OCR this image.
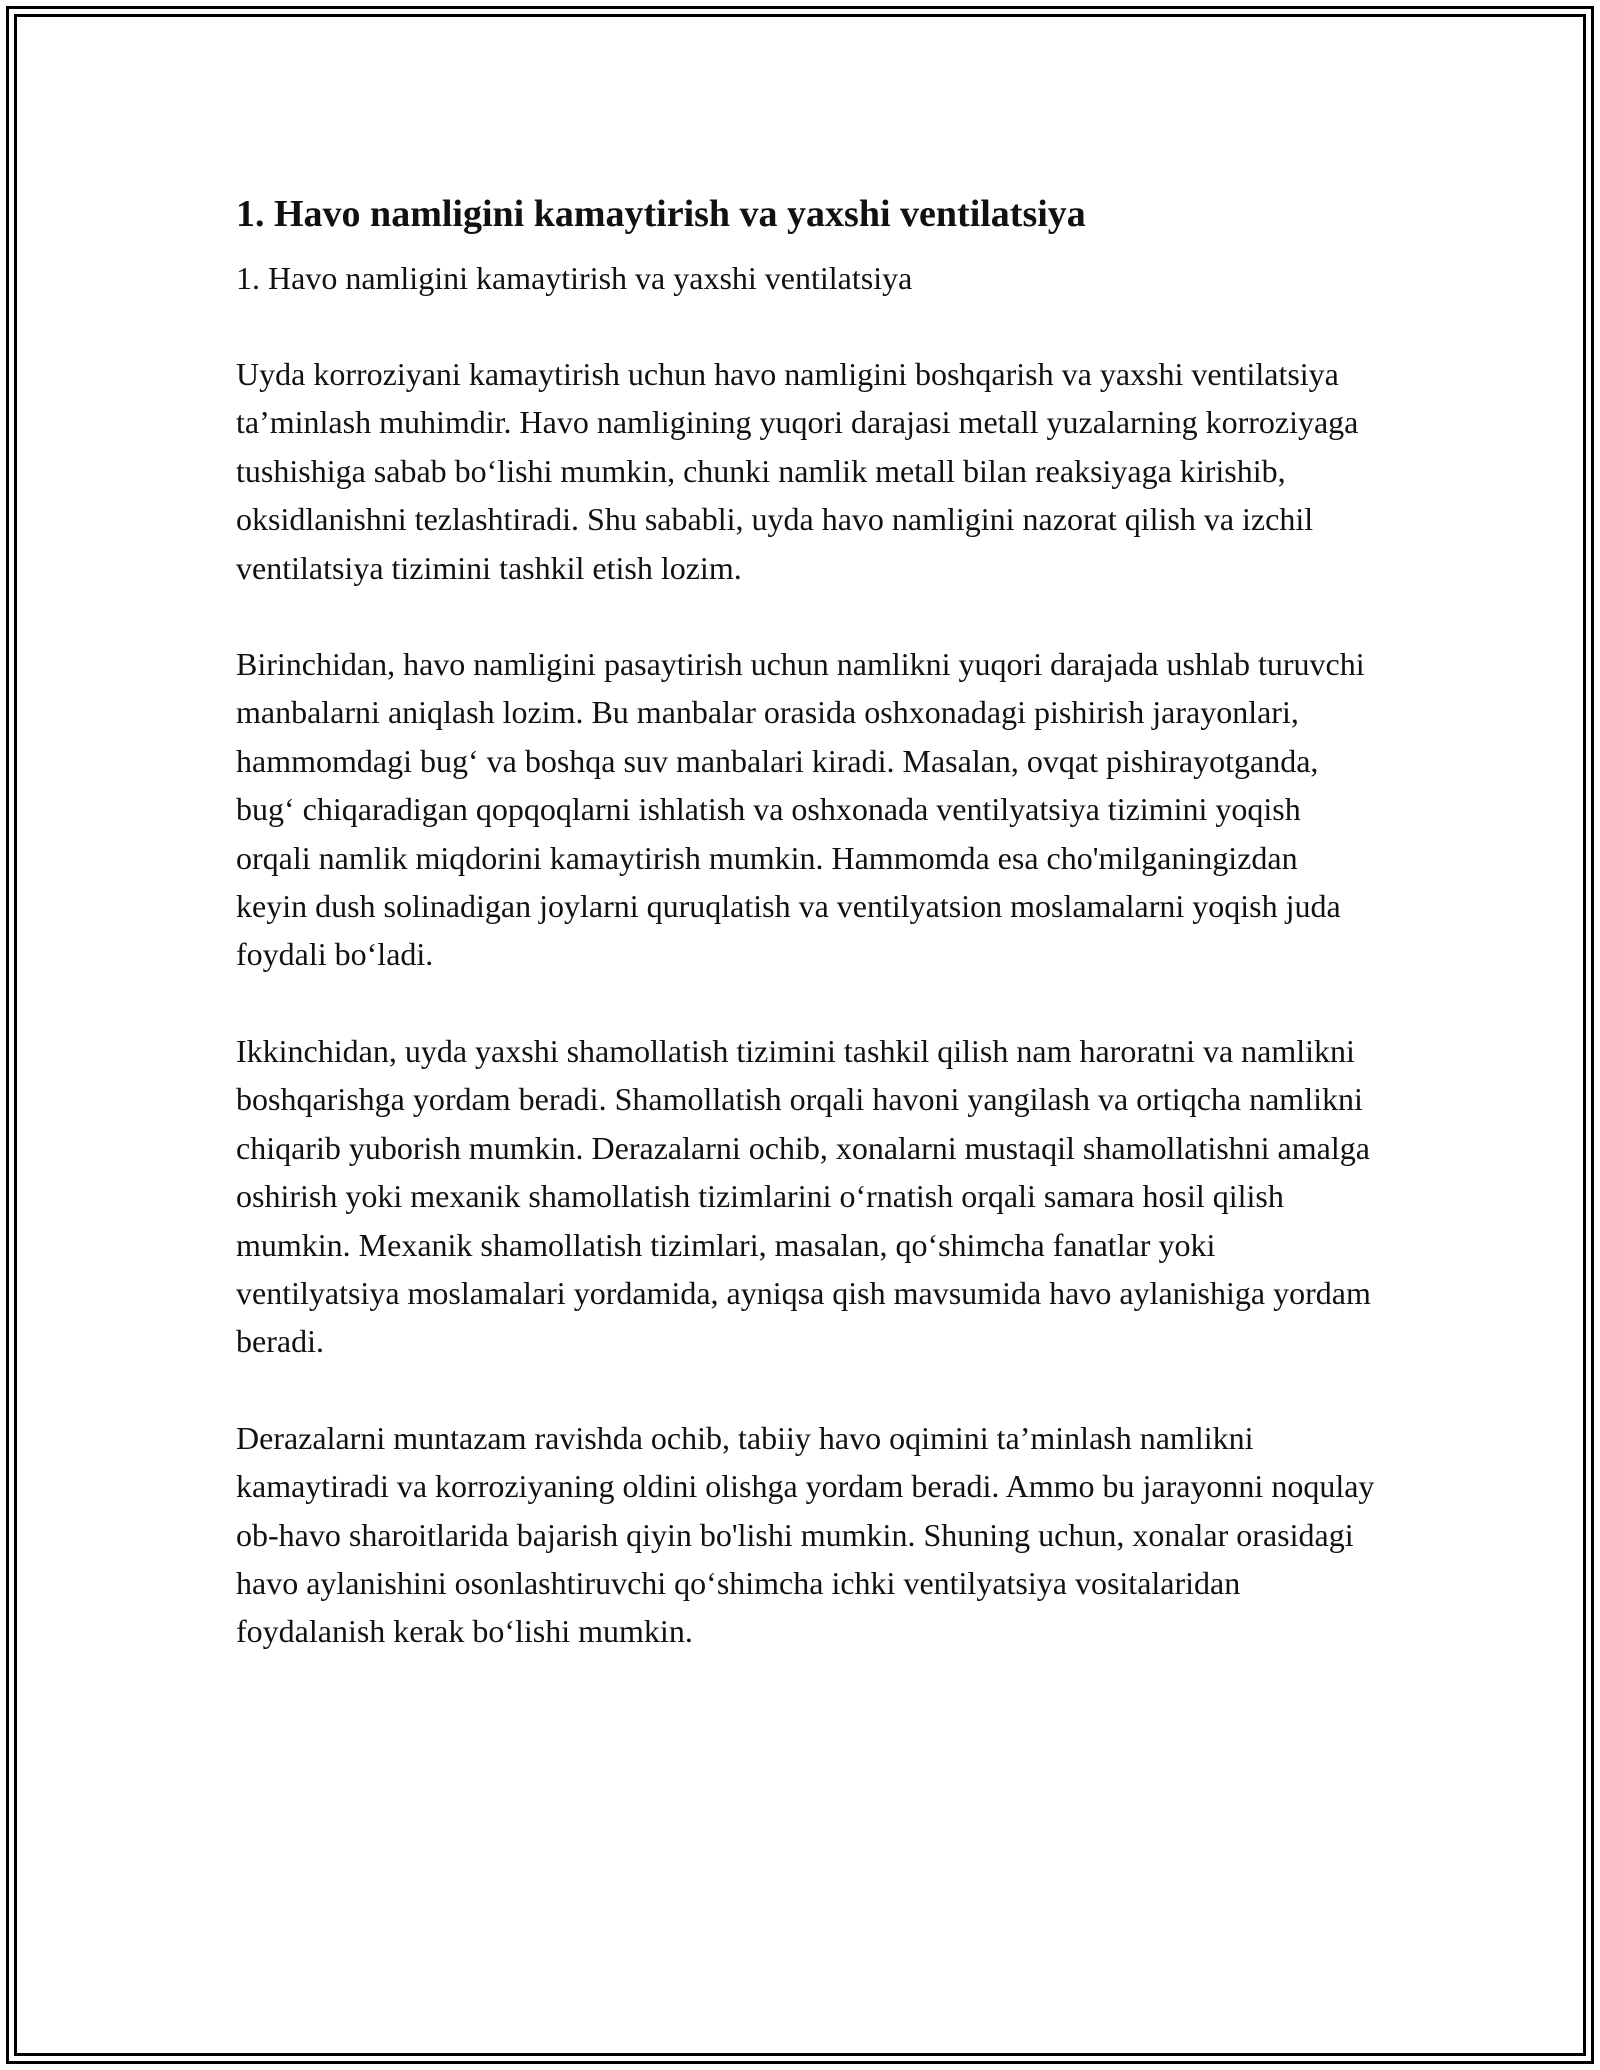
1. Havo namligini kamaytirish va yaxshi ventilatsiya

1. Havo namligini kamaytirish va yaxshi ventilatsiya

Uyda korroziyani kamaytirish uchun havo namligini boshqarish va yaxshi ventilatsiya ta’minlash muhimdir. Havo namligining yuqori darajasi metall yuzalarning korroziyaga tushishiga sabab bo‘lishi mumkin, chunki namlik metall bilan reaksiyaga kirishib, oksidlanishni tezlashtiradi. Shu sababli, uyda havo namligini nazorat qilish va izchil ventilatsiya tizimini tashkil etish lozim.

Birinchidan, havo namligini pasaytirish uchun namlikni yuqori darajada ushlab turuvchi manbalarni aniqlash lozim. Bu manbalar orasida oshxonadagi pishirish jarayonlari, hammomdagi bug‘ va boshqa suv manbalari kiradi. Masalan, ovqat pishirayotganda, bug‘ chiqaradigan qopqoqlarni ishlatish va oshxonada ventilyatsiya tizimini yoqish orqali namlik miqdorini kamaytirish mumkin. Hammomda esa cho'milganingizdan keyin dush solinadigan joylarni quruqlatish va ventilyatsion moslamalarni yoqish juda foydali bo‘ladi.

Ikkinchidan, uyda yaxshi shamollatish tizimini tashkil qilish nam haroratni va namlikni boshqarishga yordam beradi. Shamollatish orqali havoni yangilash va ortiqcha namlikni chiqarib yuborish mumkin. Derazalarni ochib, xonalarni mustaqil shamollatishni amalga oshirish yoki mexanik shamollatish tizimlarini o‘rnatish orqali samara hosil qilish mumkin. Mexanik shamollatish tizimlari, masalan, qo‘shimcha fanatlar yoki ventilyatsiya moslamalari yordamida, ayniqsa qish mavsumida havo aylanishiga yordam beradi.

Derazalarni muntazam ravishda ochib, tabiiy havo oqimini ta’minlash namlikni kamaytiradi va korroziyaning oldini olishga yordam beradi. Ammo bu jarayonni noqulay ob-havo sharoitlarida bajarish qiyin bo'lishi mumkin. Shuning uchun, xonalar orasidagi havo aylanishini osonlashtiruvchi qo‘shimcha ichki ventilyatsiya vositalaridan foydalanish kerak bo‘lishi mumkin.
